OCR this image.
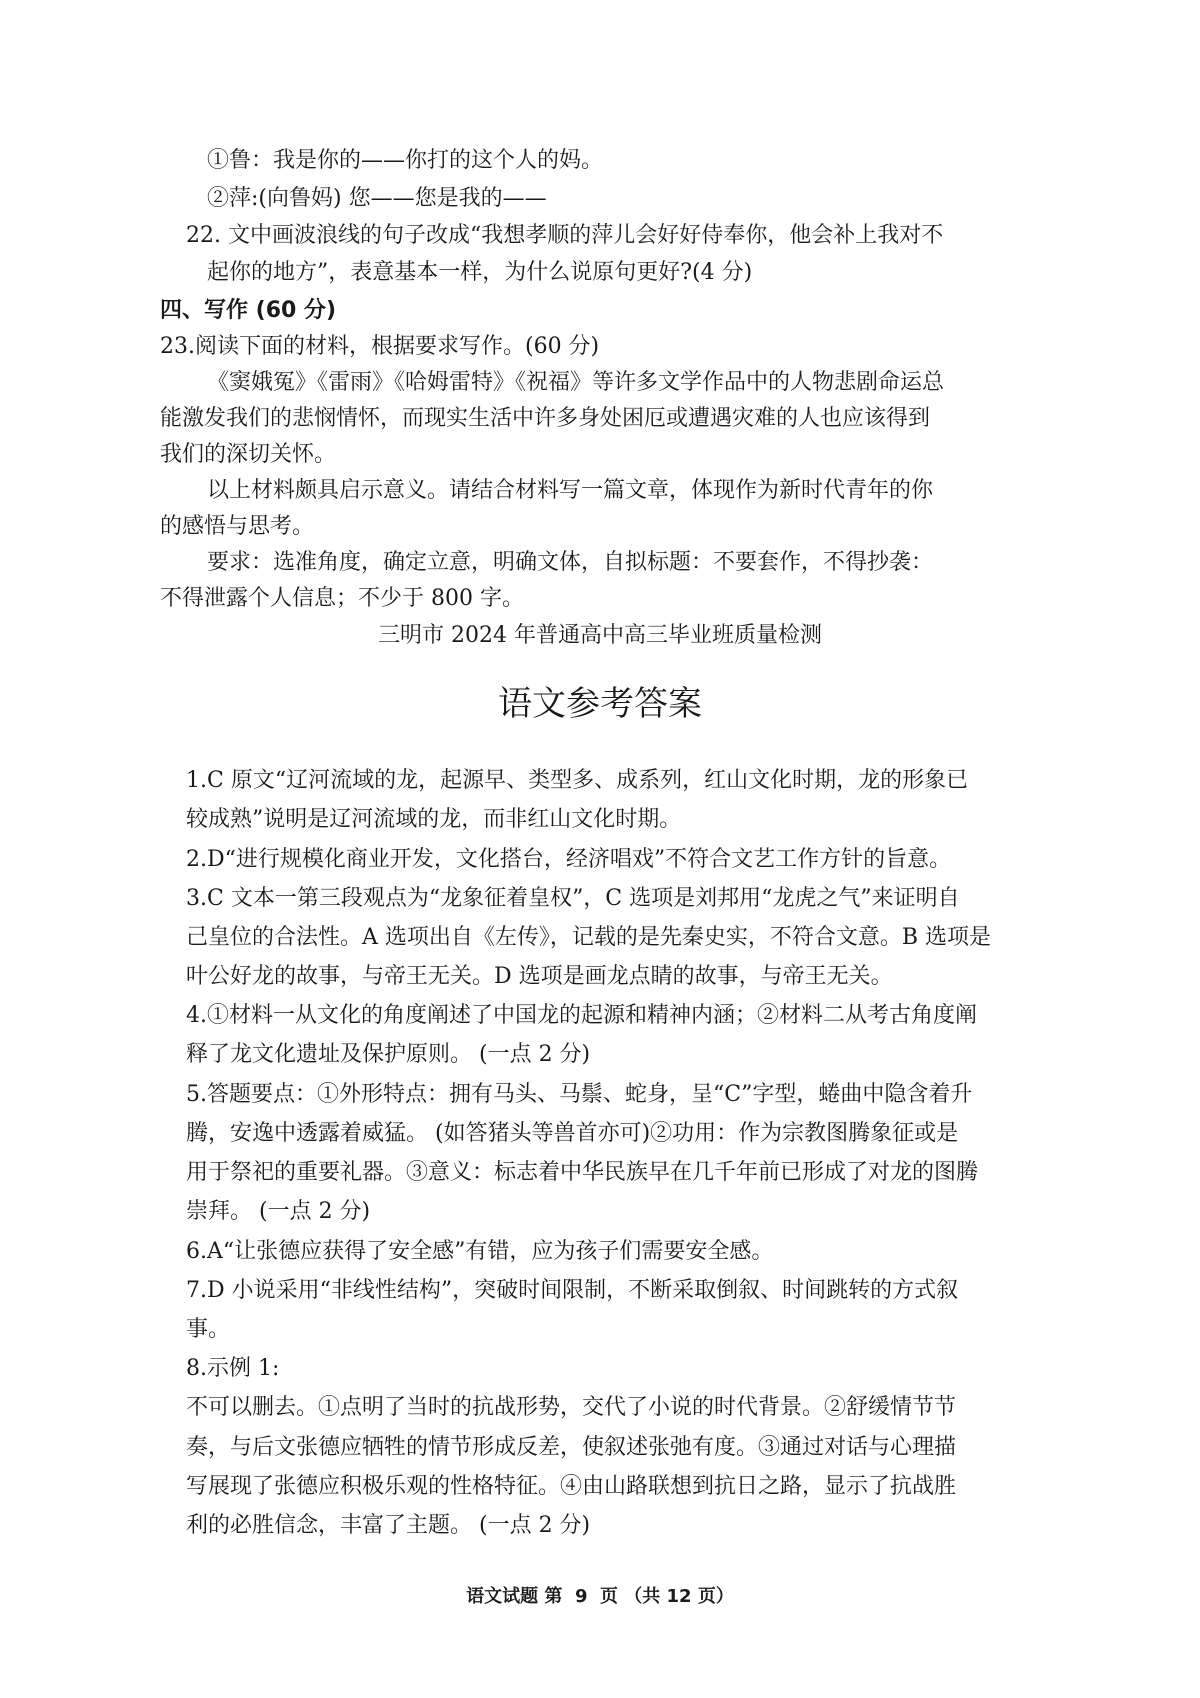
①鲁：我是你的——你打的这个人的妈。
②萍:(向鲁妈) 您——您是我的——
22. 文中画波浪线的句子改成“我想孝顺的萍儿会好好侍奉你，他会补上我对不
起你的地方”，表意基本一样，为什么说原句更好?(4 分)
四、写作 (60 分)
23.阅读下面的材料，根据要求写作。(60 分)
《窦娥冤》《雷雨》《哈姆雷特》《祝福》等许多文学作品中的人物悲剧命运总
能激发我们的悲悯情怀，而现实生活中许多身处困厄或遭遇灾难的人也应该得到
我们的深切关怀。
以上材料颇具启示意义。请结合材料写一篇文章，体现作为新时代青年的你
的感悟与思考。
要求：选准角度，确定立意，明确文体，自拟标题：不要套作，不得抄袭：
不得泄露个人信息；不少于 800 字。
三明市 2024 年普通高中高三毕业班质量检测
语文参考答案
1.C 原文“辽河流域的龙，起源早、类型多、成系列，红山文化时期，龙的形象已
较成熟”说明是辽河流域的龙，而非红山文化时期。
2.D“进行规模化商业开发，文化搭台，经济唱戏”不符合文艺工作方针的旨意。
3.C 文本一第三段观点为“龙象征着皇权”，C 选项是刘邦用“龙虎之气”来证明自
己皇位的合法性。A 选项出自《左传》，记载的是先秦史实，不符合文意。B 选项是
叶公好龙的故事，与帝王无关。D 选项是画龙点睛的故事，与帝王无关。
4.①材料一从文化的角度阐述了中国龙的起源和精神内涵；②材料二从考古角度阐
释了龙文化遗址及保护原则。 (一点 2 分)
5.答题要点：①外形特点：拥有马头、马鬃、蛇身，呈“C”字型，蜷曲中隐含着升
腾，安逸中透露着威猛。 (如答猪头等兽首亦可)②功用：作为宗教图腾象征或是
用于祭祀的重要礼器。③意义：标志着中华民族早在几千年前已形成了对龙的图腾
崇拜。 (一点 2 分)
6.A“让张德应获得了安全感”有错，应为孩子们需要安全感。
7.D 小说采用“非线性结构”，突破时间限制，不断采取倒叙、时间跳转的方式叙
事。
8.示例 1:
不可以删去。①点明了当时的抗战形势，交代了小说的时代背景。②舒缓情节节
奏，与后文张德应牺牲的情节形成反差，使叙述张弛有度。③通过对话与心理描
写展现了张德应积极乐观的性格特征。④由山路联想到抗日之路，显示了抗战胜
利的必胜信念，丰富了主题。 (一点 2 分)
语文试题 第  9  页 （共 12 页）
